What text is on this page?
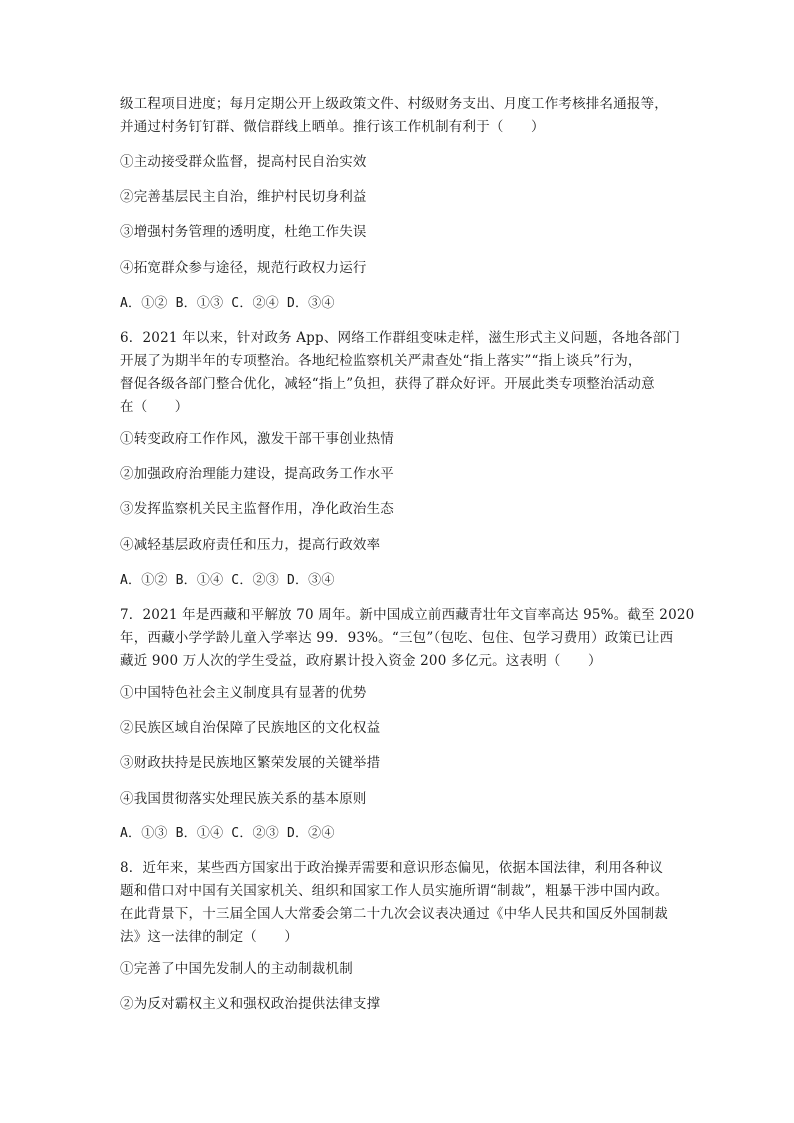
级工程项目进度；每月定期公开上级政策文件、村级财务支出、月度工作考核排名通报等，
并通过村务钉钉群、微信群线上晒单。推行该工作机制有利于（　　）

①主动接受群众监督，提高村民自治实效

②完善基层民主自治，维护村民切身利益

③增强村务管理的透明度，杜绝工作失误

④拓宽群众参与途径，规范行政权力运行

A．①② B．①③ C．②④ D．③④

6．2021 年以来，针对政务 App、网络工作群组变味走样，滋生形式主义问题，各地各部门
开展了为期半年的专项整治。各地纪检监察机关严肃查处“指上落实”“指上谈兵”行为，
督促各级各部门整合优化，减轻“指上”负担，获得了群众好评。开展此类专项整治活动意
在（　　）

①转变政府工作作风，激发干部干事创业热情

②加强政府治理能力建设，提高政务工作水平

③发挥监察机关民主监督作用，净化政治生态

④减轻基层政府责任和压力，提高行政效率

A．①② B．①④ C．②③ D．③④

7．2021 年是西藏和平解放 70 周年。新中国成立前西藏青壮年文盲率高达 95%。截至 2020
年，西藏小学学龄儿童入学率达 99．93%。“三包”（包吃、包住、包学习费用）政策已让西
藏近 900 万人次的学生受益，政府累计投入资金 200 多亿元。这表明（　　）

①中国特色社会主义制度具有显著的优势

②民族区域自治保障了民族地区的文化权益

③财政扶持是民族地区繁荣发展的关键举措

④我国贯彻落实处理民族关系的基本原则

A．①③ B．①④ C．②③ D．②④

8．近年来，某些西方国家出于政治操弄需要和意识形态偏见，依据本国法律，利用各种议
题和借口对中国有关国家机关、组织和国家工作人员实施所谓“制裁”，粗暴干涉中国内政。
在此背景下，十三届全国人大常委会第二十九次会议表决通过《中华人民共和国反外国制裁
法》这一法律的制定（　　）

①完善了中国先发制人的主动制裁机制

②为反对霸权主义和强权政治提供法律支撑
